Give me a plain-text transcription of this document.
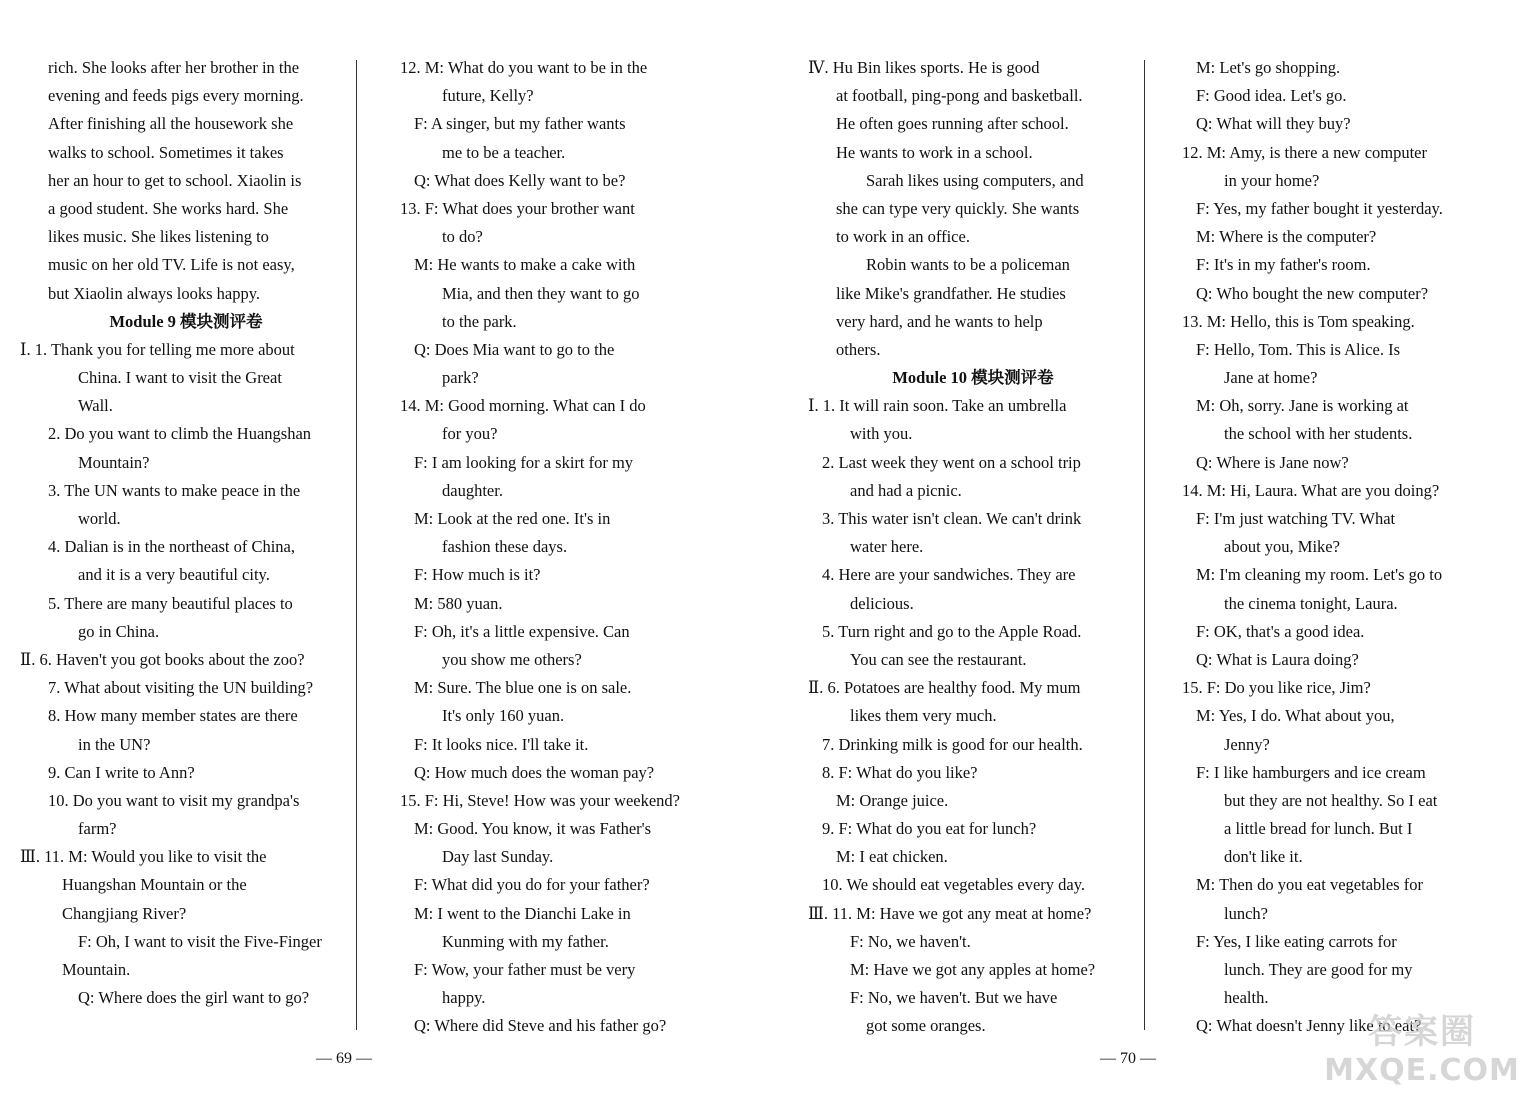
rich. She looks after her brother in the
evening and feeds pigs every morning.
After finishing all the housework she
walks to school. Sometimes it takes
her an hour to get to school. Xiaolin is
a good student. She works hard. She
likes music. She likes listening to
music on her old TV. Life is not easy,
but Xiaolin always looks happy.
Module 9 模块测评卷
Ⅰ. 1. Thank you for telling me more about
China. I want to visit the Great
Wall.
2. Do you want to climb the Huangshan
Mountain?
3. The UN wants to make peace in the
world.
4. Dalian is in the northeast of China,
and it is a very beautiful city.
5. There are many beautiful places to
go in China.
Ⅱ. 6. Haven't you got books about the zoo?
7. What about visiting the UN building?
8. How many member states are there
in the UN?
9. Can I write to Ann?
10. Do you want to visit my grandpa's
farm?
Ⅲ. 11. M: Would you like to visit the
Huangshan Mountain or the
Changjiang River?
F: Oh, I want to visit the Five-Finger
Mountain.
Q: Where does the girl want to go?
12. M: What do you want to be in the
future, Kelly?
F: A singer, but my father wants
me to be a teacher.
Q: What does Kelly want to be?
13. F: What does your brother want
to do?
M: He wants to make a cake with
Mia, and then they want to go
to the park.
Q: Does Mia want to go to the
park?
14. M: Good morning. What can I do
for you?
F: I am looking for a skirt for my
daughter.
M: Look at the red one. It's in
fashion these days.
F: How much is it?
M: 580 yuan.
F: Oh, it's a little expensive. Can
you show me others?
M: Sure. The blue one is on sale.
It's only 160 yuan.
F: It looks nice. I'll take it.
Q: How much does the woman pay?
15. F: Hi, Steve! How was your weekend?
M: Good. You know, it was Father's
Day last Sunday.
F: What did you do for your father?
M: I went to the Dianchi Lake in
Kunming with my father.
F: Wow, your father must be very
happy.
Q: Where did Steve and his father go?
— 69 —
Ⅳ. Hu Bin likes sports. He is good
at football, ping-pong and basketball.
He often goes running after school.
He wants to work in a school.
Sarah likes using computers, and
she can type very quickly. She wants
to work in an office.
Robin wants to be a policeman
like Mike's grandfather. He studies
very hard, and he wants to help
others.
Module 10 模块测评卷
Ⅰ. 1. It will rain soon. Take an umbrella
with you.
2. Last week they went on a school trip
and had a picnic.
3. This water isn't clean. We can't drink
water here.
4. Here are your sandwiches. They are
delicious.
5. Turn right and go to the Apple Road.
You can see the restaurant.
Ⅱ. 6. Potatoes are healthy food. My mum
likes them very much.
7. Drinking milk is good for our health.
8. F: What do you like?
M: Orange juice.
9. F: What do you eat for lunch?
M: I eat chicken.
10. We should eat vegetables every day.
Ⅲ. 11. M: Have we got any meat at home?
F: No, we haven't.
M: Have we got any apples at home?
F: No, we haven't. But we have
got some oranges.
M: Let's go shopping.
F: Good idea. Let's go.
Q: What will they buy?
12. M: Amy, is there a new computer
in your home?
F: Yes, my father bought it yesterday.
M: Where is the computer?
F: It's in my father's room.
Q: Who bought the new computer?
13. M: Hello, this is Tom speaking.
F: Hello, Tom. This is Alice. Is
Jane at home?
M: Oh, sorry. Jane is working at
the school with her students.
Q: Where is Jane now?
14. M: Hi, Laura. What are you doing?
F: I'm just watching TV. What
about you, Mike?
M: I'm cleaning my room. Let's go to
the cinema tonight, Laura.
F: OK, that's a good idea.
Q: What is Laura doing?
15. F: Do you like rice, Jim?
M: Yes, I do. What about you,
Jenny?
F: I like hamburgers and ice cream
but they are not healthy. So I eat
a little bread for lunch. But I
don't like it.
M: Then do you eat vegetables for
lunch?
F: Yes, I like eating carrots for
lunch. They are good for my
health.
Q: What doesn't Jenny like to eat?
— 70 —
答案圈
MXQE.COM
